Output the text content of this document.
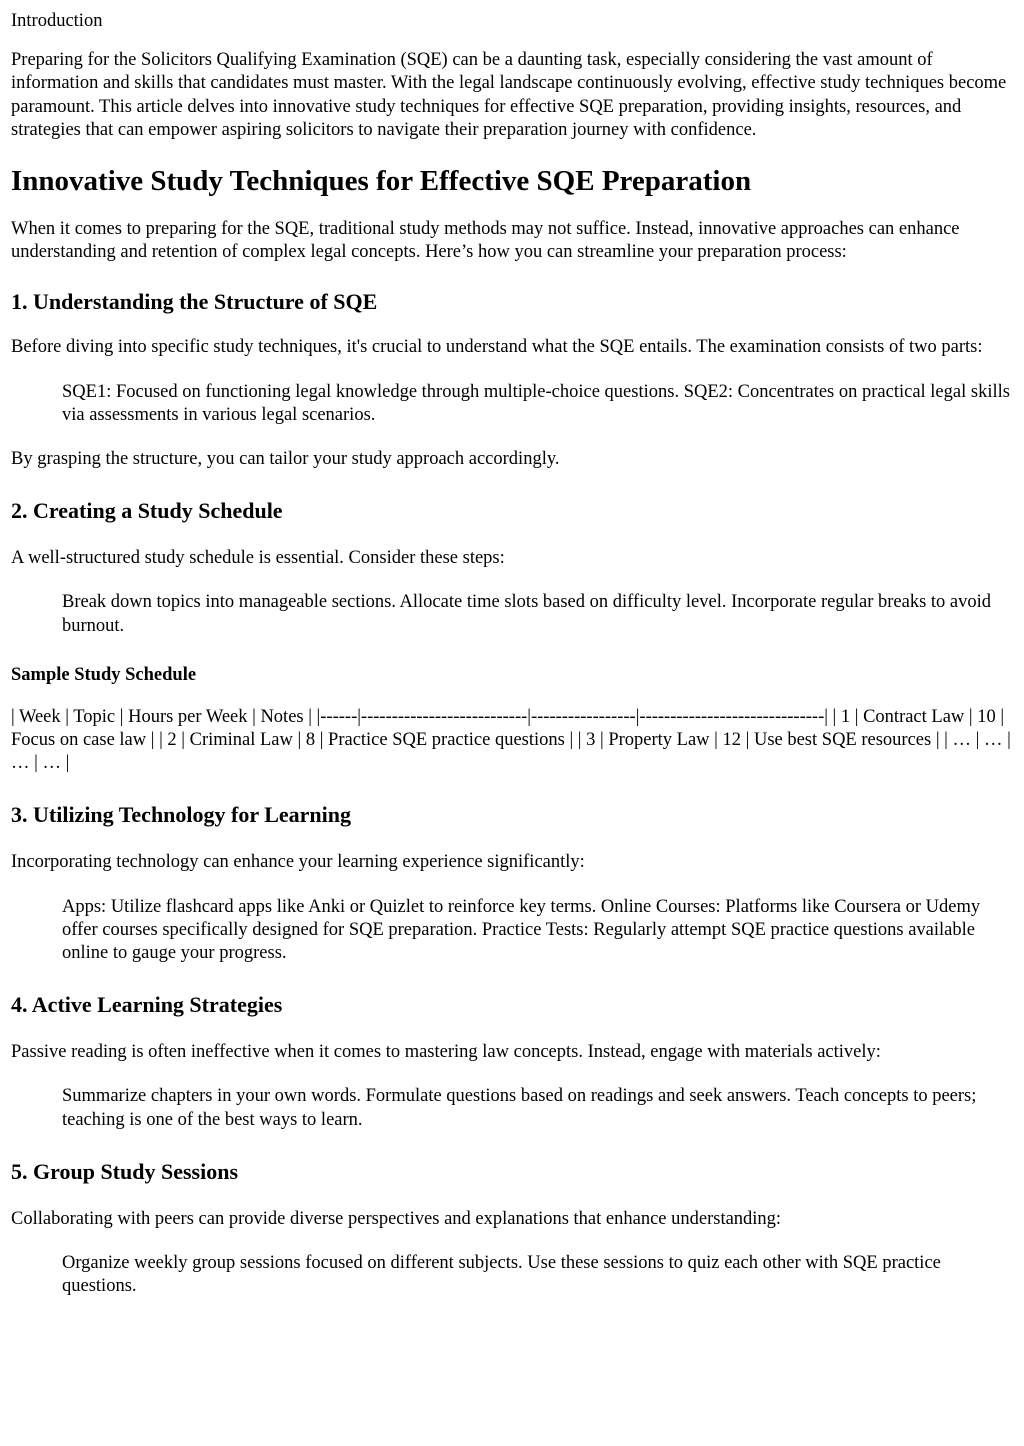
Introduction

Preparing for the Solicitors Qualifying Examination (SQE) can be a daunting task, especially considering the vast amount of information and skills that candidates must master. With the legal landscape continuously evolving, effective study techniques become paramount. This article delves into innovative study techniques for effective SQE preparation, providing insights, resources, and strategies that can empower aspiring solicitors to navigate their preparation journey with confidence.

Innovative Study Techniques for Effective SQE Preparation

When it comes to preparing for the SQE, traditional study methods may not suffice. Instead, innovative approaches can enhance understanding and retention of complex legal concepts. Here’s how you can streamline your preparation process:

1. Understanding the Structure of SQE

Before diving into specific study techniques, it's crucial to understand what the SQE entails. The examination consists of two parts:

SQE1: Focused on functioning legal knowledge through multiple-choice questions. SQE2: Concentrates on practical legal skills via assessments in various legal scenarios.

By grasping the structure, you can tailor your study approach accordingly.

2. Creating a Study Schedule

A well-structured study schedule is essential. Consider these steps:

Break down topics into manageable sections. Allocate time slots based on difficulty level. Incorporate regular breaks to avoid burnout.
Sample Study Schedule

| Week | Topic | Hours per Week | Notes | |------|---------------------------|-----------------|------------------------------| | 1 | Contract Law | 10 | Focus on case law | | 2 | Criminal Law | 8 | Practice SQE practice questions | | 3 | Property Law | 12 | Use best SQE resources | | … | … | … | … |

3. Utilizing Technology for Learning

Incorporating technology can enhance your learning experience significantly:

Apps: Utilize flashcard apps like Anki or Quizlet to reinforce key terms. Online Courses: Platforms like Coursera or Udemy offer courses specifically designed for SQE preparation. Practice Tests: Regularly attempt SQE practice questions available online to gauge your progress.
4. Active Learning Strategies

Passive reading is often ineffective when it comes to mastering law concepts. Instead, engage with materials actively:

Summarize chapters in your own words. Formulate questions based on readings and seek answers. Teach concepts to peers; teaching is one of the best ways to learn.
5. Group Study Sessions

Collaborating with peers can provide diverse perspectives and explanations that enhance understanding:

Organize weekly group sessions focused on different subjects. Use these sessions to quiz each other with SQE practice questions.
